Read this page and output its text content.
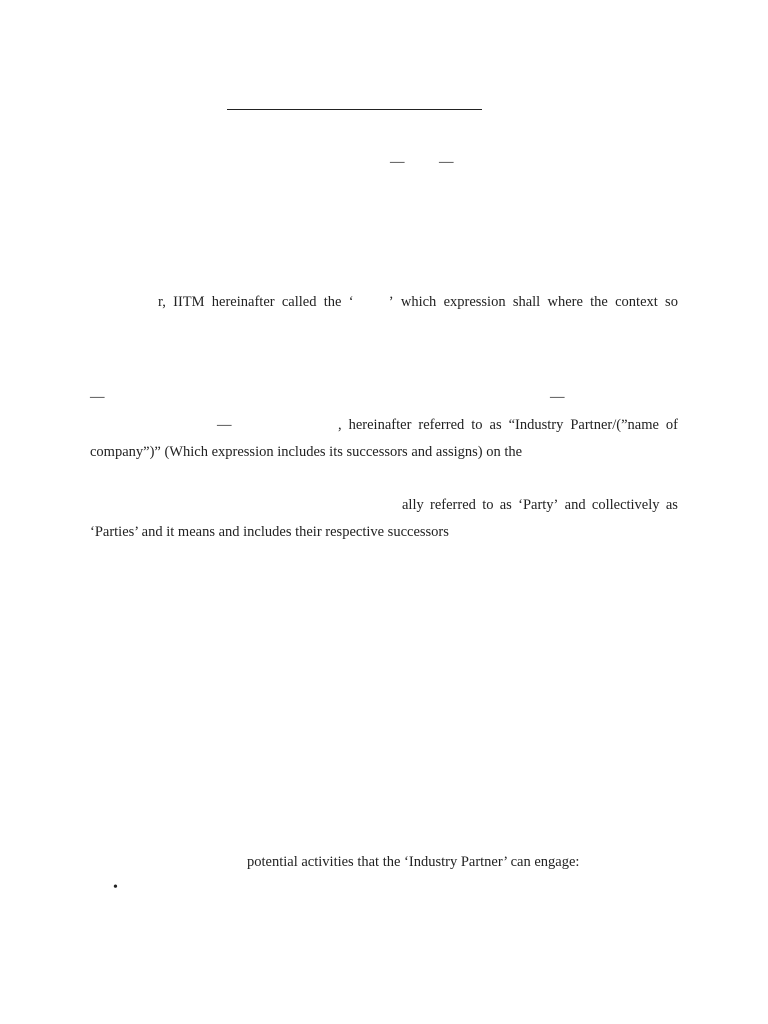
— —
r, IITM hereinafter called the ‘ ’ which expression shall where the context so
—	—
—	, hereinafter referred to as “Industry Partner/(”name of
company”)” (Which expression includes its successors and assigns) on the
ally referred to as ‘Party’ and collectively as
‘Parties’ and it means and includes their respective successors
potential activities that the ‘Industry Partner’ can engage:
•
